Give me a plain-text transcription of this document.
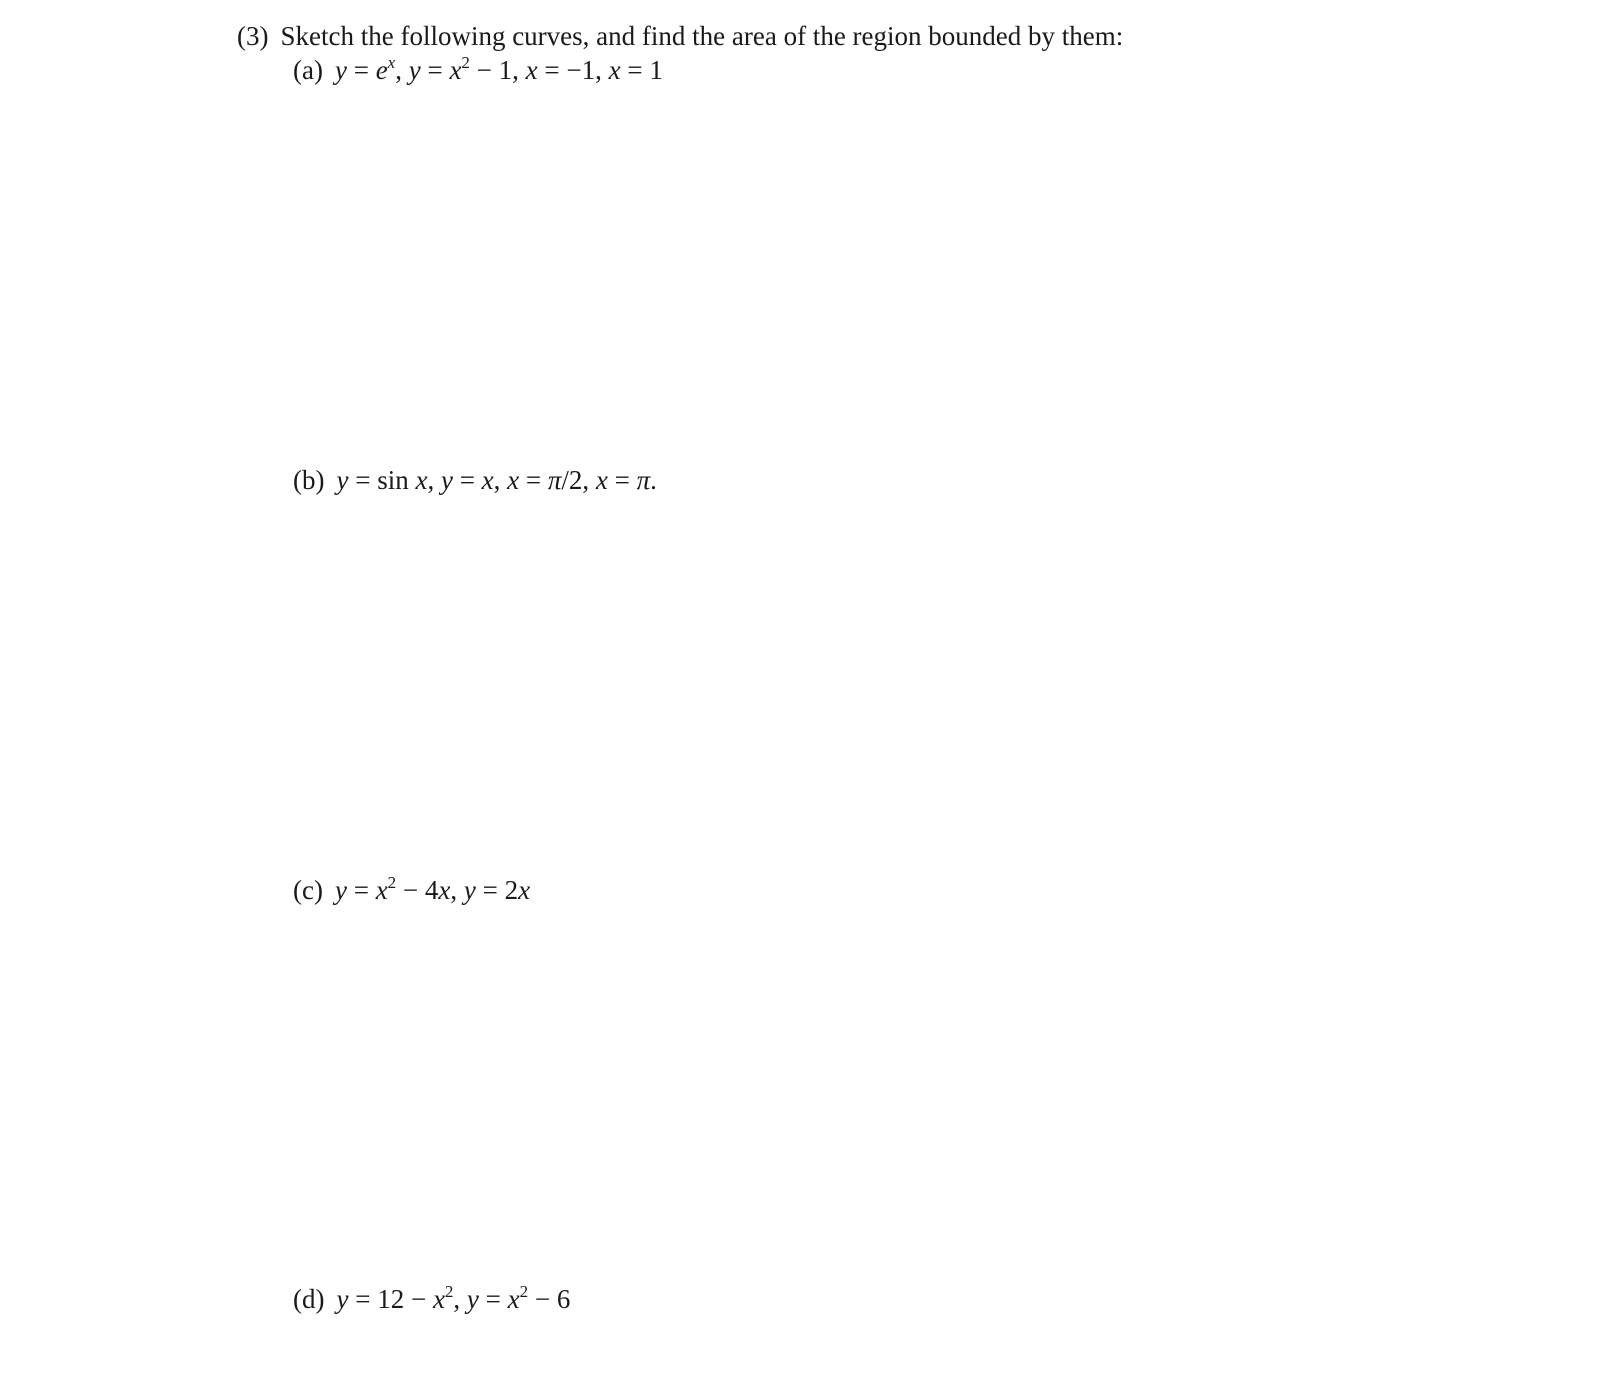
(3) Sketch the following curves, and find the area of the region bounded by them:
(a) $y = e^x$, $y = x^2 - 1$, x = −1, x = 1
(b) y = sin x, y = x, x = π/2, x = π.
(c) $y = x^2 - 4x$, y = 2x
(d) $y = 12 - x^2$, $y = x^2 - 6$
